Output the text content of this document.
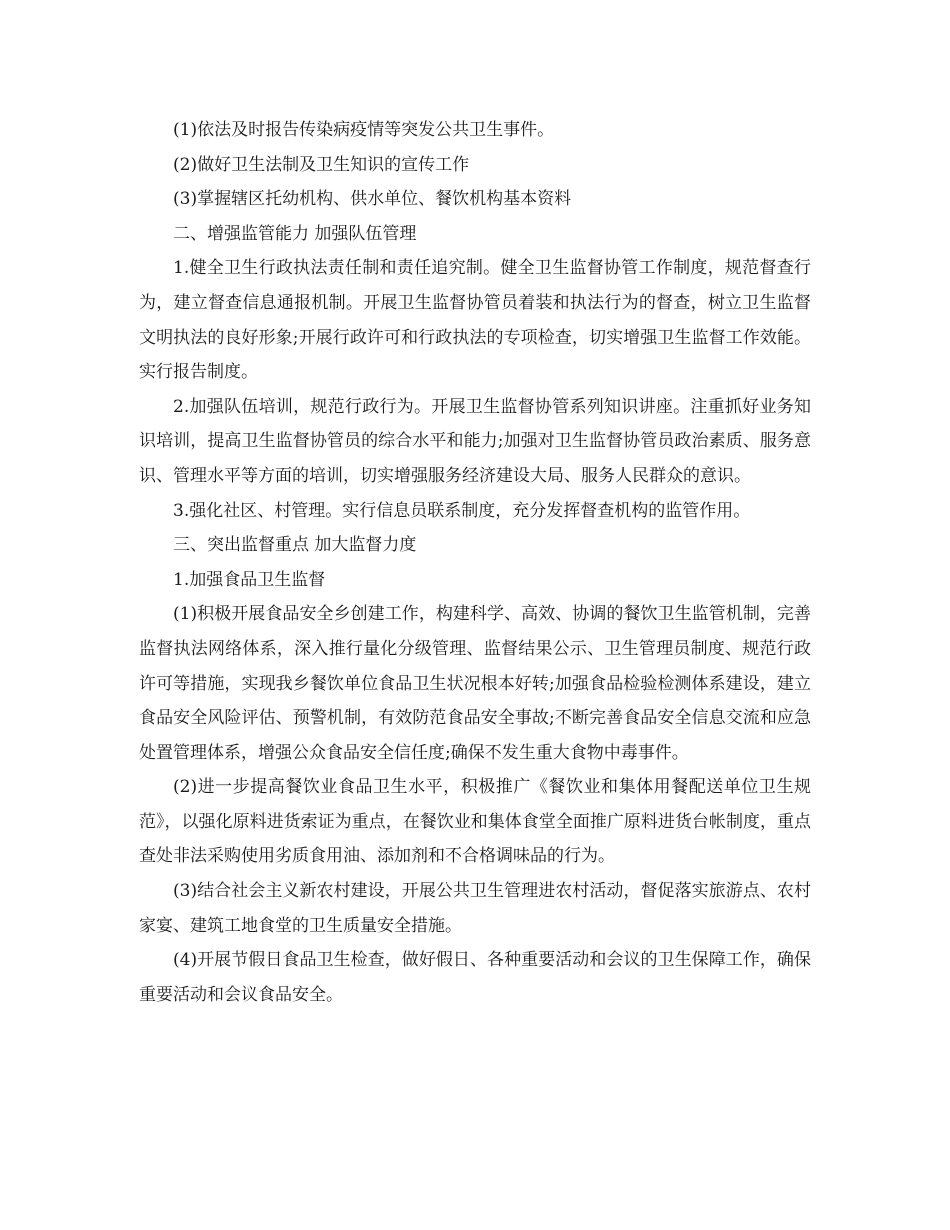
(1)依法及时报告传染病疫情等突发公共卫生事件。

(2)做好卫生法制及卫生知识的宣传工作

(3)掌握辖区托幼机构、供水单位、餐饮机构基本资料

二、增强监管能力 加强队伍管理

1.健全卫生行政执法责任制和责任追究制。健全卫生监督协管工作制度，规范督查行为，建立督查信息通报机制。开展卫生监督协管员着装和执法行为的督查，树立卫生监督文明执法的良好形象;开展行政许可和行政执法的专项检查，切实增强卫生监督工作效能。实行报告制度。

2.加强队伍培训，规范行政行为。开展卫生监督协管系列知识讲座。注重抓好业务知识培训，提高卫生监督协管员的综合水平和能力;加强对卫生监督协管员政治素质、服务意识、管理水平等方面的培训，切实增强服务经济建设大局、服务人民群众的意识。

3.强化社区、村管理。实行信息员联系制度，充分发挥督查机构的监管作用。

三、突出监督重点 加大监督力度

1.加强食品卫生监督

(1)积极开展食品安全乡创建工作，构建科学、高效、协调的餐饮卫生监管机制，完善监督执法网络体系，深入推行量化分级管理、监督结果公示、卫生管理员制度、规范行政许可等措施，实现我乡餐饮单位食品卫生状况根本好转;加强食品检验检测体系建设，建立食品安全风险评估、预警机制，有效防范食品安全事故;不断完善食品安全信息交流和应急处置管理体系，增强公众食品安全信任度;确保不发生重大食物中毒事件。

(2)进一步提高餐饮业食品卫生水平，积极推广《餐饮业和集体用餐配送单位卫生规范》，以强化原料进货索证为重点，在餐饮业和集体食堂全面推广原料进货台帐制度，重点查处非法采购使用劣质食用油、添加剂和不合格调味品的行为。

(3)结合社会主义新农村建设，开展公共卫生管理进农村活动，督促落实旅游点、农村家宴、建筑工地食堂的卫生质量安全措施。

(4)开展节假日食品卫生检查，做好假日、各种重要活动和会议的卫生保障工作，确保重要活动和会议食品安全。
